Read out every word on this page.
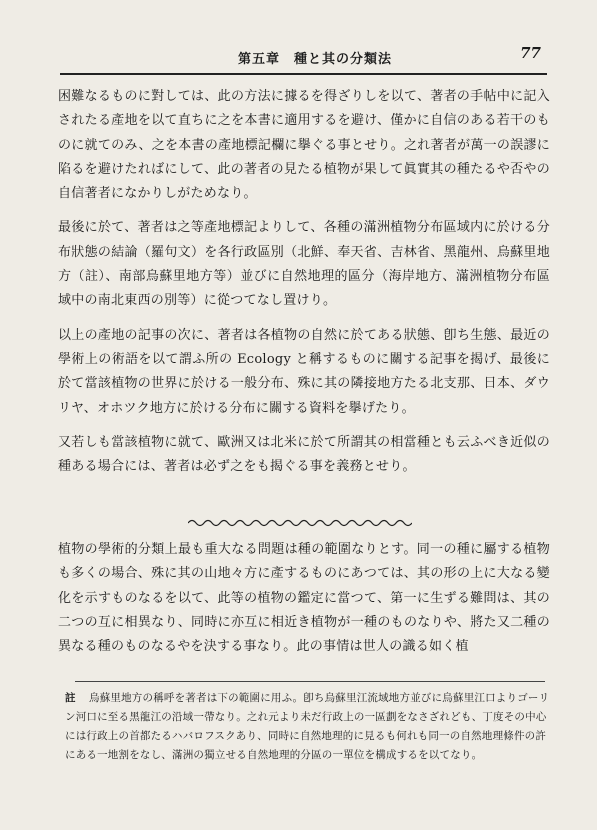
第五章　種と其の分類法	77

困難なるものに對しては、此の方法に據るを得ざりしを以て、著者の手帖中に記入されたる產地を以て直ちに之を本書に適用するを避け、僅かに自信のある若干のものに就てのみ、之を本書の產地標記欄に擧ぐる事とせり。之れ著者が萬一の誤謬に陷るを避けたればにして、此の著者の見たる植物が果して眞實其の種たるや否やの自信著者になかりしがためなり。

最後に於て、著者は之等產地標記よりして、各種の滿洲植物分布區域内に於ける分布狀態の結論（羅句文）を各行政區別（北鮮、奉天省、吉林省、黑龍州、烏蘇里地方（註）、南部烏蘇里地方等）並びに自然地理的區分（海岸地方、滿洲植物分布區域中の南北東西の別等）に從つてなし置けり。

以上の產地の記事の次に、著者は各植物の自然に於てある狀態、卽ち生態、最近の學術上の術語を以て謂ふ所の Ecology と稱するものに關する記事を揭げ、最後に於て當該植物の世界に於ける一般分布、殊に其の隣接地方たる北支那、日本、ダウリヤ、オホツク地方に於ける分布に關する資料を擧げたり。

又若しも當該植物に就て、歐洲又は北米に於て所謂其の相當種とも云ふべき近似の種ある場合には、著者は必ず之をも揭ぐる事を義務とせり。

植物の學術的分類上最も重大なる問題は種の範圍なりとす。同一の種に屬する植物も多くの場合、殊に其の山地々方に產するものにあつては、其の形の上に大なる變化を示すものなるを以て、此等の植物の鑑定に當つて、第一に生ずる難問は、其の二つの互に相異なり、同時に亦互に相近き植物が一種のものなりや、將た又二種の異なる種のものなるやを決する事なり。此の事情は世人の識る如く植

註 烏蘇里地方の稱呼を著者は下の範圍に用ふ。卽ち烏蘇里江流域地方並びに烏蘇里江口よりゴーリン河口に至る黑龍江の沿域一帶なり。之れ元より未だ行政上の一區劃をなさざれども、丁度その中心には行政上の首都たるハバロフスクあり、同時に自然地理的に見るも何れも同一の自然地理條件の許にある一地割をなし、滿洲の獨立せる自然地理的分區の一單位を構成するを以てなり。
